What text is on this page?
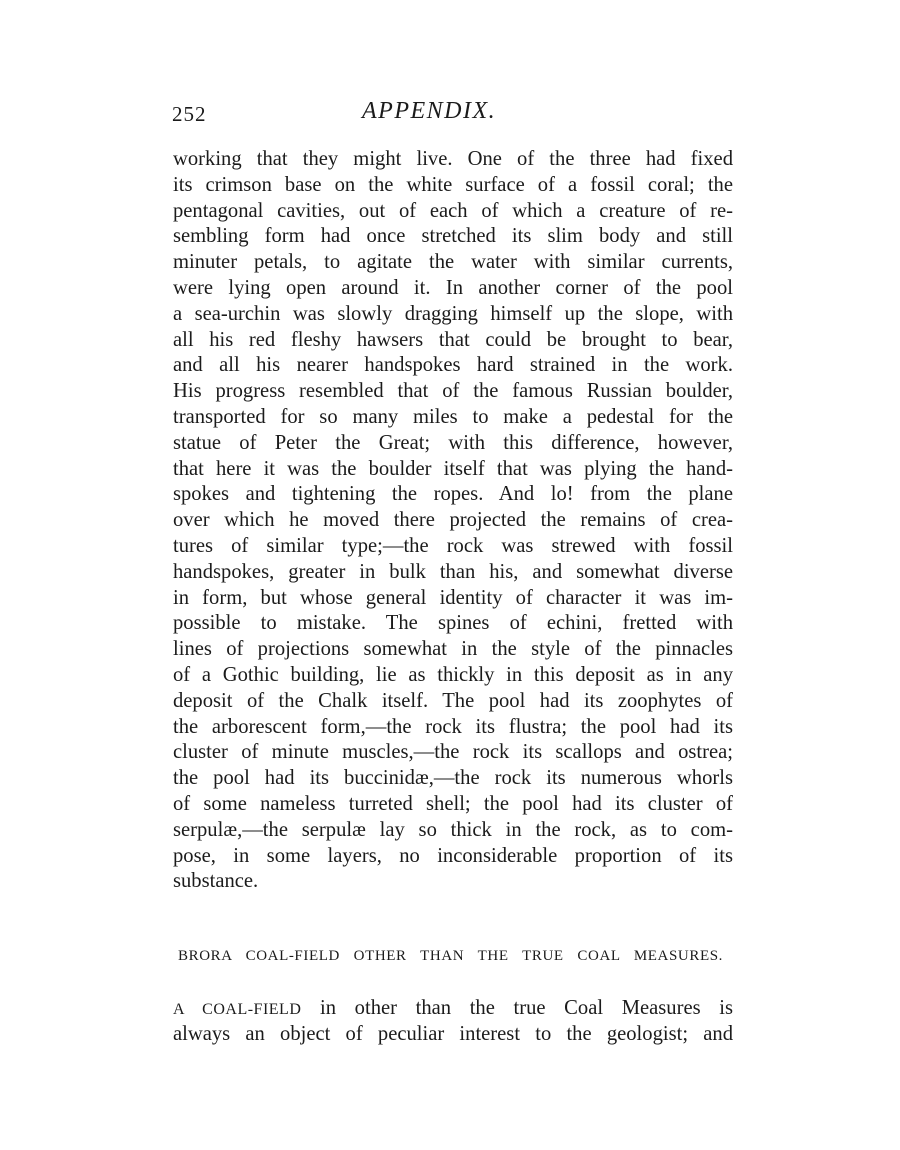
252	APPENDIX.
working that they might live. One of the three had fixed
its crimson base on the white surface of a fossil coral; the
pentagonal cavities, out of each of which a creature of re-
sembling form had once stretched its slim body and still
minuter petals, to agitate the water with similar currents,
were lying open around it. In another corner of the pool
a sea-urchin was slowly dragging himself up the slope, with
all his red fleshy hawsers that could be brought to bear,
and all his nearer handspokes hard strained in the work.
His progress resembled that of the famous Russian boulder,
transported for so many miles to make a pedestal for the
statue of Peter the Great; with this difference, however,
that here it was the boulder itself that was plying the hand-
spokes and tightening the ropes. And lo! from the plane
over which he moved there projected the remains of crea-
tures of similar type;—the rock was strewed with fossil
handspokes, greater in bulk than his, and somewhat diverse
in form, but whose general identity of character it was im-
possible to mistake. The spines of echini, fretted with
lines of projections somewhat in the style of the pinnacles
of a Gothic building, lie as thickly in this deposit as in any
deposit of the Chalk itself. The pool had its zoophytes of
the arborescent form,—the rock its flustra; the pool had its
cluster of minute muscles,—the rock its scallops and ostrea;
the pool had its buccinidæ,—the rock its numerous whorls
of some nameless turreted shell; the pool had its cluster of
serpulæ,—the serpulæ lay so thick in the rock, as to com-
pose, in some layers, no inconsiderable proportion of its
substance.
BRORA COAL-FIELD OTHER THAN THE TRUE COAL MEASURES.
A COAL-FIELD in other than the true Coal Measures is
always an object of peculiar interest to the geologist; and
